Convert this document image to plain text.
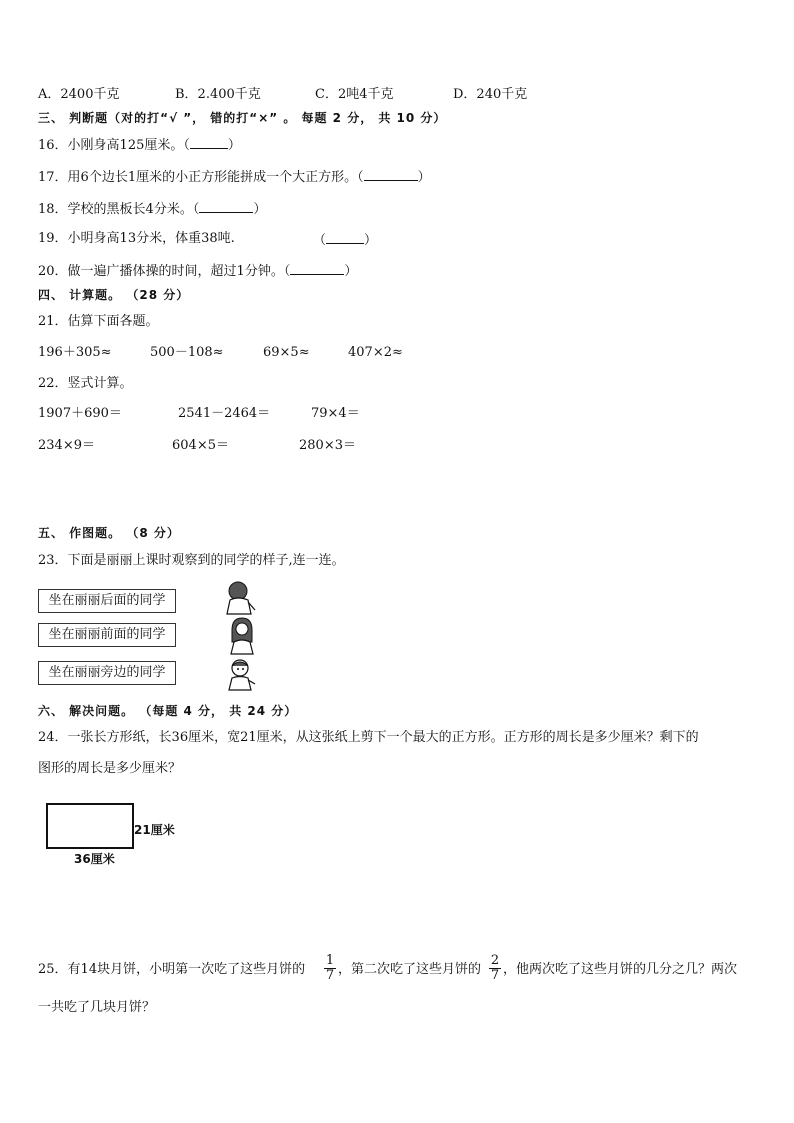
A．2400千克	B．2.400千克	C．2吨4千克	D．240千克
三、 判断题（对的打“√ ”， 错的打“×” 。 每题 2 分， 共 10 分）
16．小刚身高125厘米。（	）
17．用6个边长1厘米的小正方形能拼成一个大正方形。（	）
18．学校的黑板长4分米。（	）
19．小明身高13分米，体重38吨.	（	）
20．做一遍广播体操的时间，超过1分钟。（	）
四、 计算题。 （28 分）
21．估算下面各题。
196＋305≈	500－108≈	69×5≈	407×2≈
22．竖式计算。
1907＋690＝	2541－2464＝	79×4＝
234×9＝	604×5＝	280×3＝
五、 作图题。 （8 分）
23．下面是丽丽上课时观察到的同学的样子,连一连。
坐在丽丽后面的同学
坐在丽丽前面的同学
坐在丽丽旁边的同学
六、 解决问题。 （每题 4 分， 共 24 分）
24．一张长方形纸，长36厘米，宽21厘米，从这张纸上剪下一个最大的正方形。正方形的周长是多少厘米？剩下的
图形的周长是多少厘米？
21厘米
36厘米
25．有14块月饼，小明第一次吃了这些月饼的
1
7 ，第二次吃了这些月饼的
2
7 ，他两次吃了这些月饼的几分之几？两次
一共吃了几块月饼？
